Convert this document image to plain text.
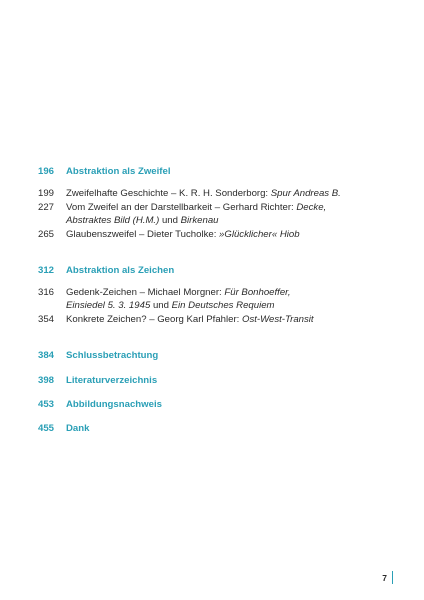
196	Abstraktion als Zweifel
199	Zweifelhafte Geschichte – K. R. H. Sonderborg: Spur Andreas B.
227	Vom Zweifel an der Darstellbarkeit – Gerhard Richter: Decke,
Abstraktes Bild (H.M.) und Birkenau
265	Glaubenszweifel – Dieter Tucholke: »Glücklicher« Hiob
312	Abstraktion als Zeichen
316	Gedenk-Zeichen – Michael Morgner: Für Bonhoeffer,
Einsiedel 5. 3. 1945 und Ein Deutsches Requiem
354	Konkrete Zeichen? – Georg Karl Pfahler: Ost-West-Transit
384	Schlussbetrachtung
398	Literaturverzeichnis
453	Abbildungsnachweis
455	Dank
7
